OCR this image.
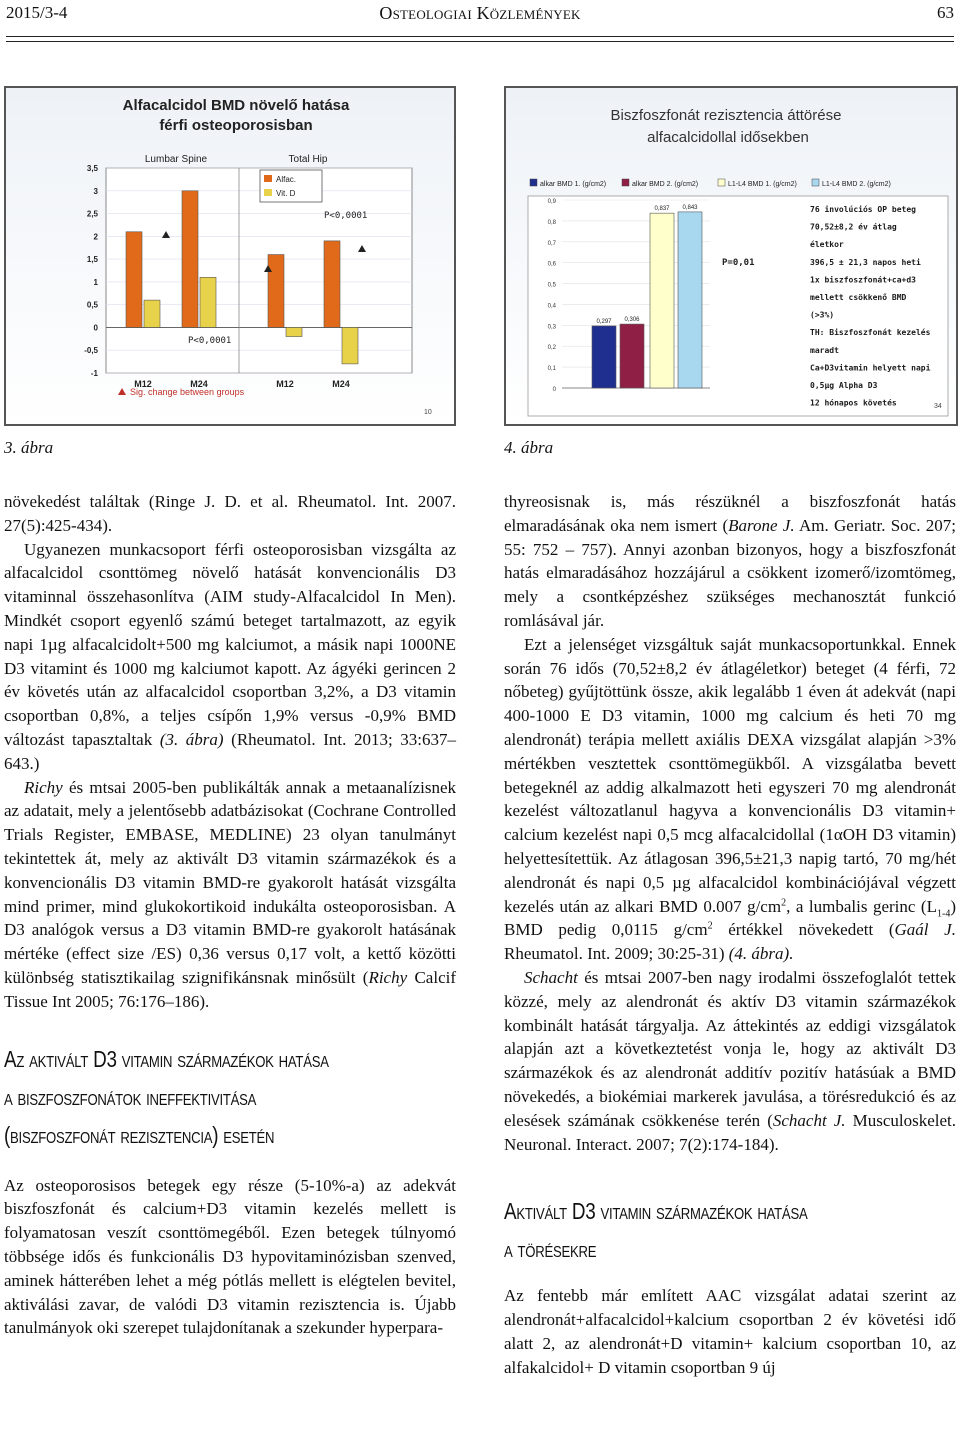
2015/3-4	Osteologiai Közlemények	63
Alfacalcidol BMD növelő hatása
férfi osteoporosisban
Lumbar Spine	Total Hip
3,5
3
2,5
2
1,5
1
0,5
0
-0,5
-1
M12	M24	M12	M24
Alfac.
Vit. D
P<0,0001
P<0,0001
Sig. change between groups
10
3. ábra
Biszfoszfonát rezisztencia áttörése
alfacalcidollal idősekben
alkar BMD 1. (g/cm2)	alkar BMD 2. (g/cm2)	L1-L4 BMD 1. (g/cm2)	L1-L4 BMD 2. (g/cm2)
0,9
0,8
0,7
0,6
0,5
0,4
0,3
0,2
0,1
0
0,297 0,306
0,837 0,843
P=0,01
76 involúciós OP beteg
70,52±8,2 év átlag
életkor
396,5 ± 21,3 napos heti
1x biszfoszfonát+ca+d3
mellett csökkenő BMD
(>3%)
TH: Biszfoszfonát kezelés
maradt
Ca+D3vitamin helyett napi
0,5µg Alpha D3
12 hónapos követés	34
4. ábra

növekedést találtak (Ringe J. D. et al. Rheumatol. Int. 2007. 27(5):425-434).

Ugyanezen munkacsoport férfi osteoporosisban vizsgálta az alfacalcidol csonttömeg növelő hatását konvencionális D3 vitaminnal összehasonlítva (AIM study-Alfacalcidol In Men). Mindkét csoport egyenlő számú beteget tartalmazott, az egyik napi 1µg alfacalcidolt+500 mg kalciumot, a másik napi 1000NE D3 vitamint és 1000 mg kalciumot kapott. Az ágyéki gerincen 2 év követés után az alfacalcidol csoportban 3,2%, a D3 vitamin csoportban 0,8%, a teljes csípőn 1,9% versus -0,9% BMD változást tapasztaltak (3. ábra) (Rheumatol. Int. 2013; 33:637–643.)

Richy és mtsai 2005-ben publikálták annak a metaanalízisnek az adatait, mely a jelentősebb adatbázisokat (Cochrane Controlled Trials Register, EMBASE, MEDLINE) 23 olyan tanulmányt tekintettek át, mely az aktivált D3 vitamin származékok és a konvencionális D3 vitamin BMD-re gyakorolt hatását vizsgálta mind primer, mind glukokortikoid indukálta osteoporosisban. A D3 analógok versus a D3 vitamin BMD-re gyakorolt hatásának mértéke (effect size /ES) 0,36 versus 0,17 volt, a kettő közötti különbség statisztikailag szignifikánsnak minősült (Richy Calcif Tissue Int 2005; 76:176–186).

Az aktivált D3 vitamin származékok hatása
a biszfoszfonátok ineffektivitása
(biszfoszfonát rezisztencia) esetén

Az osteoporosisos betegek egy része (5-10%-a) az adekvát biszfoszfonát és calcium+D3 vitamin kezelés mellett is folyamatosan veszít csonttömegéből. Ezen betegek túlnyomó többsége idős és funkcionális D3 hypovitaminózisban szenved, aminek hátterében lehet a még pótlás mellett is elégtelen bevitel, aktiválási zavar, de valódi D3 vitamin rezisztencia is. Újabb tanulmányok oki szerepet tulajdonítanak a szekunder hyperpara-

thyreosisnak is, más részüknél a biszfoszfonát hatás elmaradásának oka nem ismert (Barone J. Am. Geriatr. Soc. 207; 55: 752 – 757). Annyi azonban bizonyos, hogy a biszfoszfonát hatás elmaradásához hozzájárul a csökkent izomerő/izomtömeg, mely a csontképzéshez szükséges mechanosztát funkció romlásával jár.

Ezt a jelenséget vizsgáltuk saját munkacsoportunkkal. Ennek során 76 idős (70,52±8,2 év átlagéletkor) beteget (4 férfi, 72 nőbeteg) gyűjtöttünk össze, akik legalább 1 éven át adekvát (napi 400-1000 E D3 vitamin, 1000 mg calcium és heti 70 mg alendronát) terápia mellett axiális DEXA vizsgálat alapján >3% mértékben vesztettek csonttömegükből. A vizsgálatba bevett betegeknél az addig alkalmazott heti egyszeri 70 mg alendronát kezelést változatlanul hagyva a konvencionális D3 vitamin+ calcium kezelést napi 0,5 mcg alfacalcidollal (1αOH D3 vitamin) helyettesítettük. Az átlagosan 396,5±21,3 napig tartó, 70 mg/hét alendronát és napi 0,5 µg alfacalcidol kombinációjával végzett kezelés után az alkari BMD 0.007 $g/cm^2$, a lumbalis gerinc $(L_{1-4})$ BMD pedig 0,0115 $g/cm^2$ értékkel növekedett (Gaál J. Rheumatol. Int. 2009; 30:25-31) (4. ábra).

Schacht és mtsai 2007-ben nagy irodalmi összefoglalót tettek közzé, mely az alendronát és aktív D3 vitamin származékok kombinált hatását tárgyalja. Az áttekintés az eddigi vizsgálatok alapján azt a következtetést vonja le, hogy az aktivált D3 származékok és az alendronát additív pozitív hatásúak a BMD növekedés, a biokémiai markerek javulása, a törésredukció és az elesések számának csökkenése terén (Schacht J. Musculoskelet. Neuronal. Interact. 2007; 7(2):174-184).

Aktivált D3 vitamin származékok hatása
a törésekre

Az fentebb már említett AAC vizsgálat adatai szerint az alendronát+alfacalcidol+kalcium csoportban 2 év követési idő alatt 2, az alendronát+D vitamin+ kalcium csoportban 10, az alfakalcidol+ D vitamin csoportban 9 új
